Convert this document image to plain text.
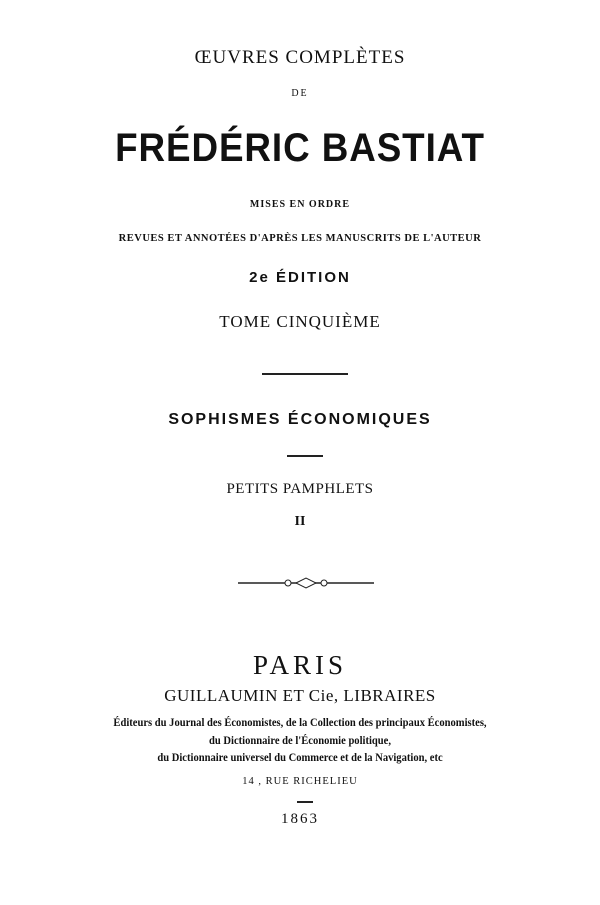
ŒUVRES COMPLÈTES
DE
FRÉDÉRIC BASTIAT
MISES EN ORDRE
REVUES ET ANNOTÉES D'APRÈS LES MANUSCRITS DE L'AUTEUR
2e ÉDITION
TOME CINQUIÈME
SOPHISMES ÉCONOMIQUES
PETITS PAMPHLETS
II
PARIS
GUILLAUMIN ET Cie, LIBRAIRES
Éditeurs du Journal des Économistes, de la Collection des principaux Économistes,
du Dictionnaire de l'Économie politique,
du Dictionnaire universel du Commerce et de la Navigation, etc
14 , RUE RICHELIEU
1863
